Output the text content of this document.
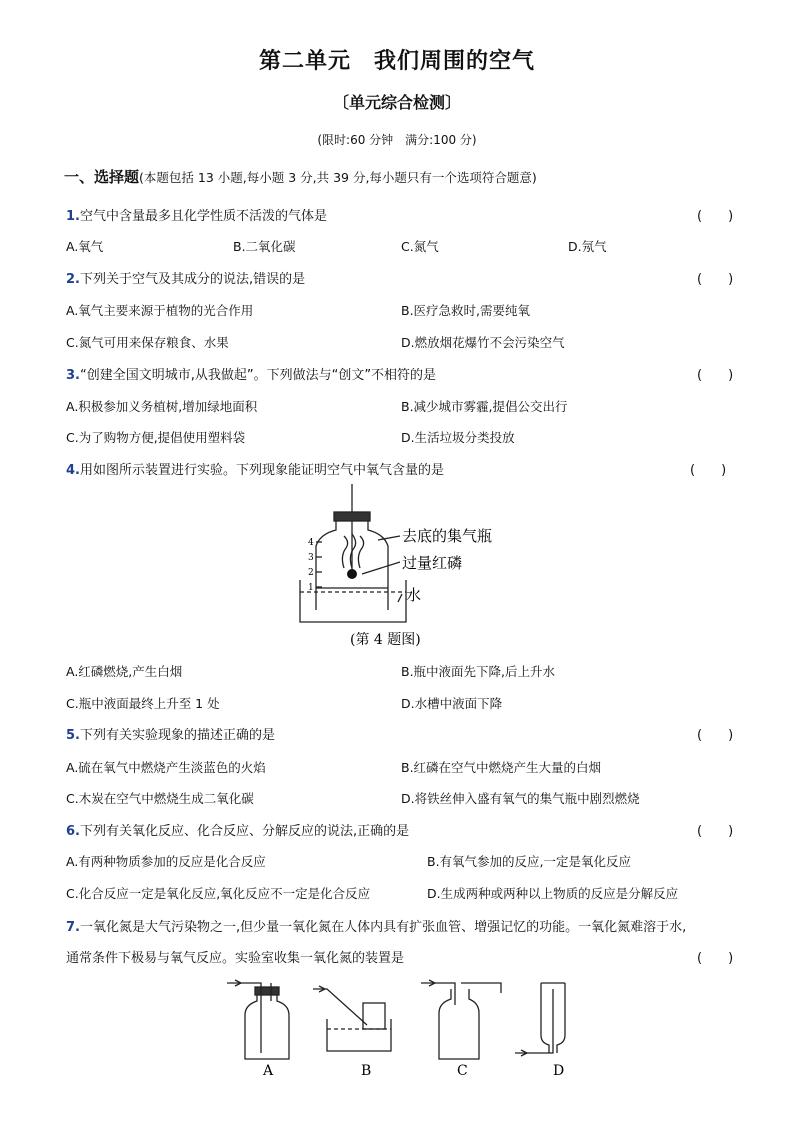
第二单元　我们周围的空气
〔单元综合检测〕
(限时:60 分钟　满分:100 分)
一、选择题(本题包括 13 小题,每小题 3 分,共 39 分,每小题只有一个选项符合题意)
1.空气中含量最多且化学性质不活泼的气体是	(　　)
A.氧气	B.二氧化碳	C.氮气	D.氖气
2.下列关于空气及其成分的说法,错误的是	(　　)
A.氧气主要来源于植物的光合作用	B.医疗急救时,需要纯氧
C.氮气可用来保存粮食、水果	D.燃放烟花爆竹不会污染空气
3.“创建全国文明城市,从我做起”。下列做法与“创文”不相符的是	(　　)
A.积极参加义务植树,增加绿地面积	B.减少城市雾霾,提倡公交出行
C.为了购物方便,提倡使用塑料袋	D.生活垃圾分类投放
4.用如图所示装置进行实验。下列现象能证明空气中氧气含量的是	(　　)
4
3
2
1
去底的集气瓶
过量红磷
水
(第 4 题图)
A.红磷燃烧,产生白烟	B.瓶中液面先下降,后上升水
C.瓶中液面最终上升至 1 处	D.水槽中液面下降
5.下列有关实验现象的描述正确的是	(　　)
A.硫在氧气中燃烧产生淡蓝色的火焰	B.红磷在空气中燃烧产生大量的白烟
C.木炭在空气中燃烧生成二氧化碳	D.将铁丝伸入盛有氧气的集气瓶中剧烈燃烧
6.下列有关氧化反应、化合反应、分解反应的说法,正确的是	(　　)
A.有两种物质参加的反应是化合反应	B.有氧气参加的反应,一定是氧化反应
C.化合反应一定是氧化反应,氧化反应不一定是化合反应	D.生成两种或两种以上物质的反应是分解反应
7.一氧化氮是大气污染物之一,但少量一氧化氮在人体内具有扩张血管、增强记忆的功能。一氧化氮难溶于水,
通常条件下极易与氧气反应。实验室收集一氧化氮的装置是	(　　)
A	B	C	D
